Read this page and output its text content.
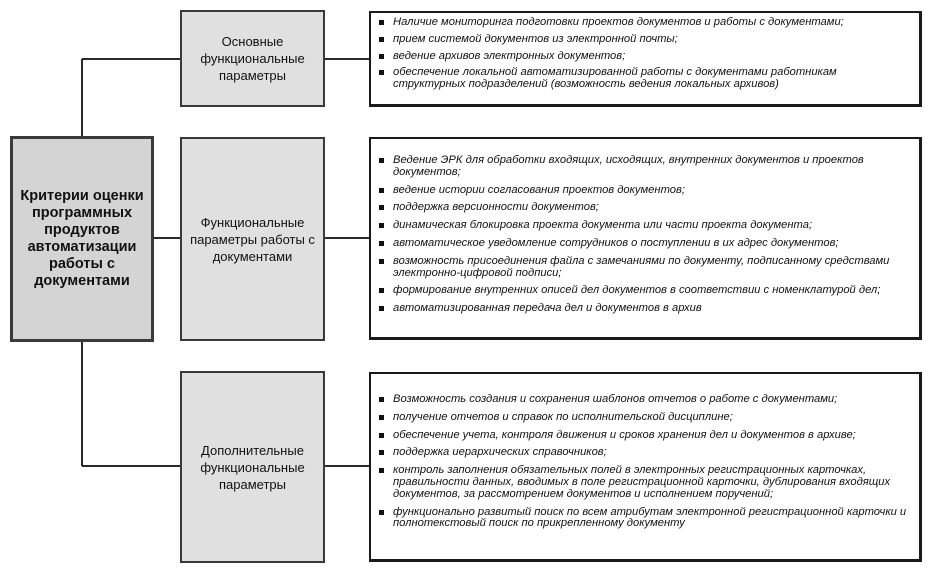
Критерии оценки программных продуктов автоматизации работы с документами
Основные функциональные параметры
Функциональные параметры работы с документами
Дополнительные функциональные параметры
Наличие мониторинга подготовки проектов документов и работы с документами;
прием системой документов из электронной почты;
ведение архивов электронных документов;
обеспечение локальной автоматизированной работы с документами работникам структурных подразделений (возможность ведения локальных архивов)
Ведение ЭРК для обработки входящих, исходящих, внутренних документов и проектов документов;
ведение истории согласования проектов документов;
поддержка версионности документов;
динамическая блокировка проекта документа или части проекта документа;
автоматическое уведомление сотрудников о поступлении в их адрес документов;
возможность присоединения файла с замечаниями по документу, подписанному средствами электронно-цифровой подписи;
формирование внутренних описей дел документов в соответствии с номенклатурой дел;
автоматизированная передача дел и документов в архив
Возможность создания и сохранения шаблонов отчетов о работе с документами;
получение отчетов и справок по исполнительской дисциплине;
обеспечение учета, контроля движения и сроков хранения дел и документов в архиве;
поддержка иерархических справочников;
контроль заполнения обязательных полей в электронных регистрационных карточках, правильности данных, вводимых в поле регистрационной карточки, дублирования входящих документов, за рассмотрением документов и исполнением поручений;
функционально развитый поиск по всем атрибутам электронной регистрационной карточки и полнотекстовый поиск по прикрепленному документу
